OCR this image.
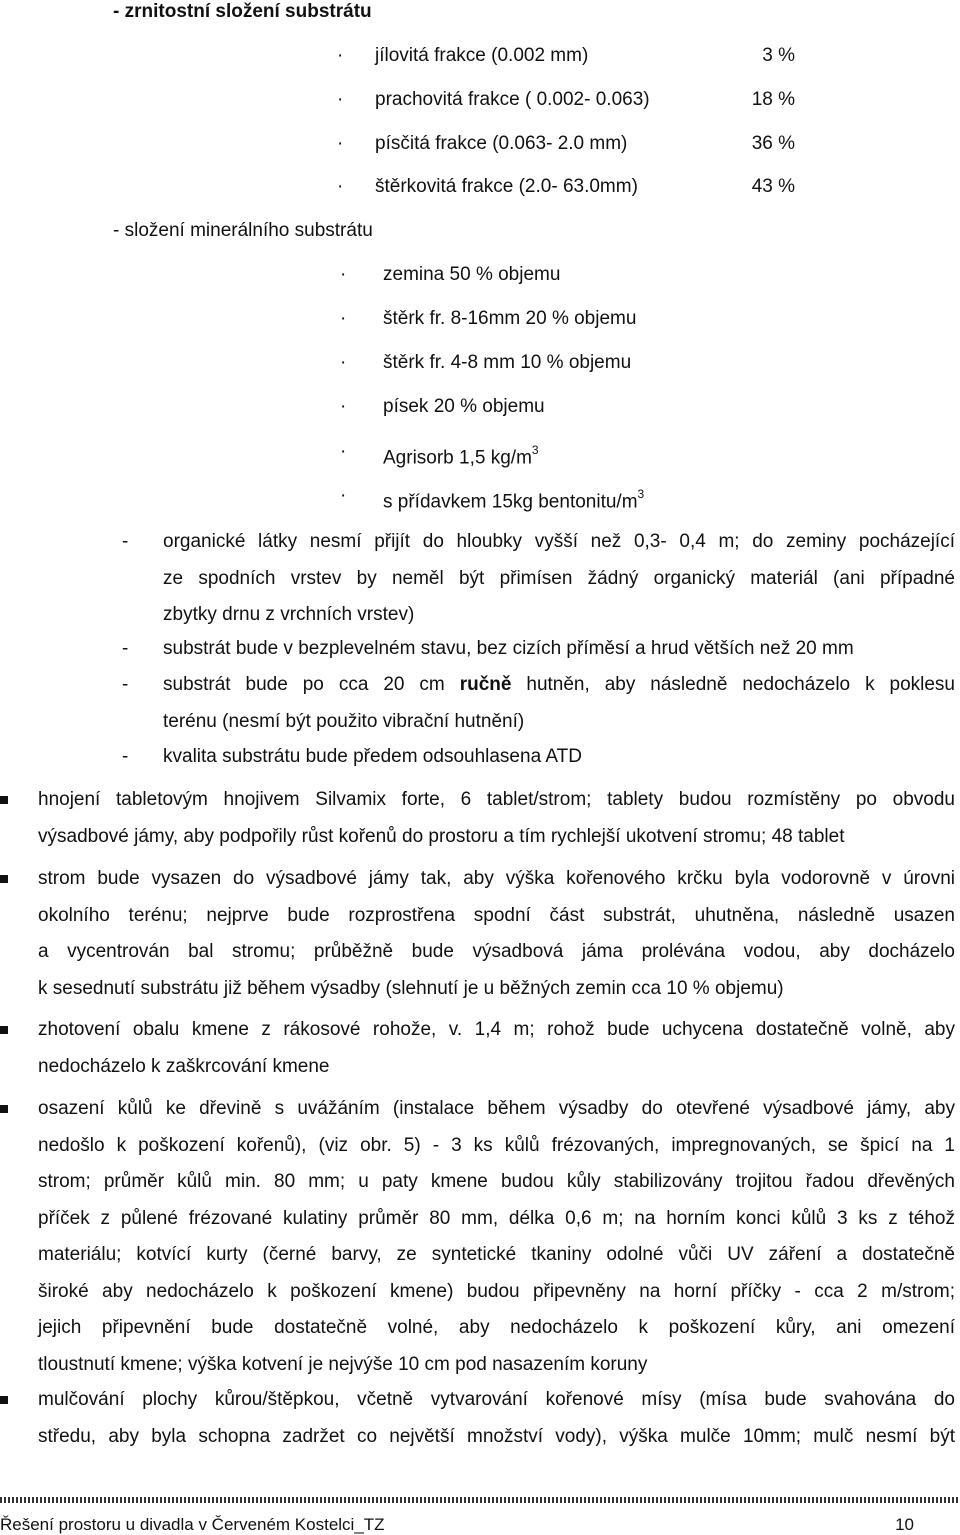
- zrnitostní složení substrátu
· jílovitá frakce (0.002 mm)	3 %
· prachovitá frakce ( 0.002- 0.063)	18 %
· písčitá frakce (0.063- 2.0 mm)	36 %
· štěrkovitá frakce (2.0- 63.0mm)	43 %
- složení minerálního substrátu
· zemina 50 % objemu
· štěrk fr. 8-16mm 20 % objemu
· štěrk fr. 4-8 mm 10 % objemu
· písek 20 % objemu
· Agrisorb 1,5 $kg/m^3$
· s přídavkem 15kg bentonitu/$m^3$
- organické látky nesmí přijít do hloubky vyšší než 0,3- 0,4 m; do zeminy pocházející
ze spodních vrstev by neměl být přimísen žádný organický materiál (ani případné
zbytky drnu z vrchních vrstev)
- substrát bude v bezplevelném stavu, bez cizích příměsí a hrud větších než 20 mm
- substrát bude po cca 20 cm ručně hutněn, aby následně nedocházelo k poklesu
terénu (nesmí být použito vibrační hutnění)
- kvalita substrátu bude předem odsouhlasena ATD
hnojení tabletovým hnojivem Silvamix forte, 6 tablet/strom; tablety budou rozmístěny po obvodu
výsadbové jámy, aby podpořily růst kořenů do prostoru a tím rychlejší ukotvení stromu; 48 tablet
strom bude vysazen do výsadbové jámy tak, aby výška kořenového krčku byla vodorovně v úrovni
okolního terénu; nejprve bude rozprostřena spodní část substrát, uhutněna, následně usazen
a vycentrován bal stromu; průběžně bude výsadbová jáma prolévána vodou, aby docházelo
k sesednutí substrátu již během výsadby (slehnutí je u běžných zemin cca 10 % objemu)
zhotovení obalu kmene z rákosové rohože, v. 1,4 m; rohož bude uchycena dostatečně volně, aby
nedocházelo k zaškrcování kmene
osazení kůlů ke dřevině s uvážáním (instalace během výsadby do otevřené výsadbové jámy, aby
nedošlo k poškození kořenů), (viz obr. 5) - 3 ks kůlů frézovaných, impregnovaných, se špicí na 1
strom; průměr kůlů min. 80 mm; u paty kmene budou kůly stabilizovány trojitou řadou dřevěných
příček z půlené frézované kulatiny průměr 80 mm, délka 0,6 m; na horním konci kůlů 3 ks z téhož
materiálu; kotvící kurty (černé barvy, ze syntetické tkaniny odolné vůči UV záření a dostatečně
široké aby nedocházelo k poškození kmene) budou připevněny na horní příčky - cca 2 m/strom;
jejich připevnění bude dostatečně volné, aby nedocházelo k poškození kůry, ani omezení
tloustnutí kmene; výška kotvení je nejvýše 10 cm pod nasazením koruny
mulčování plochy kůrou/štěpkou, včetně vytvarování kořenové mísy (mísa bude svahována do
středu, aby byla schopna zadržet co největší množství vody), výška mulče 10mm; mulč nesmí být
Řešení prostoru u divadla v Červeném Kostelci_TZ	10
